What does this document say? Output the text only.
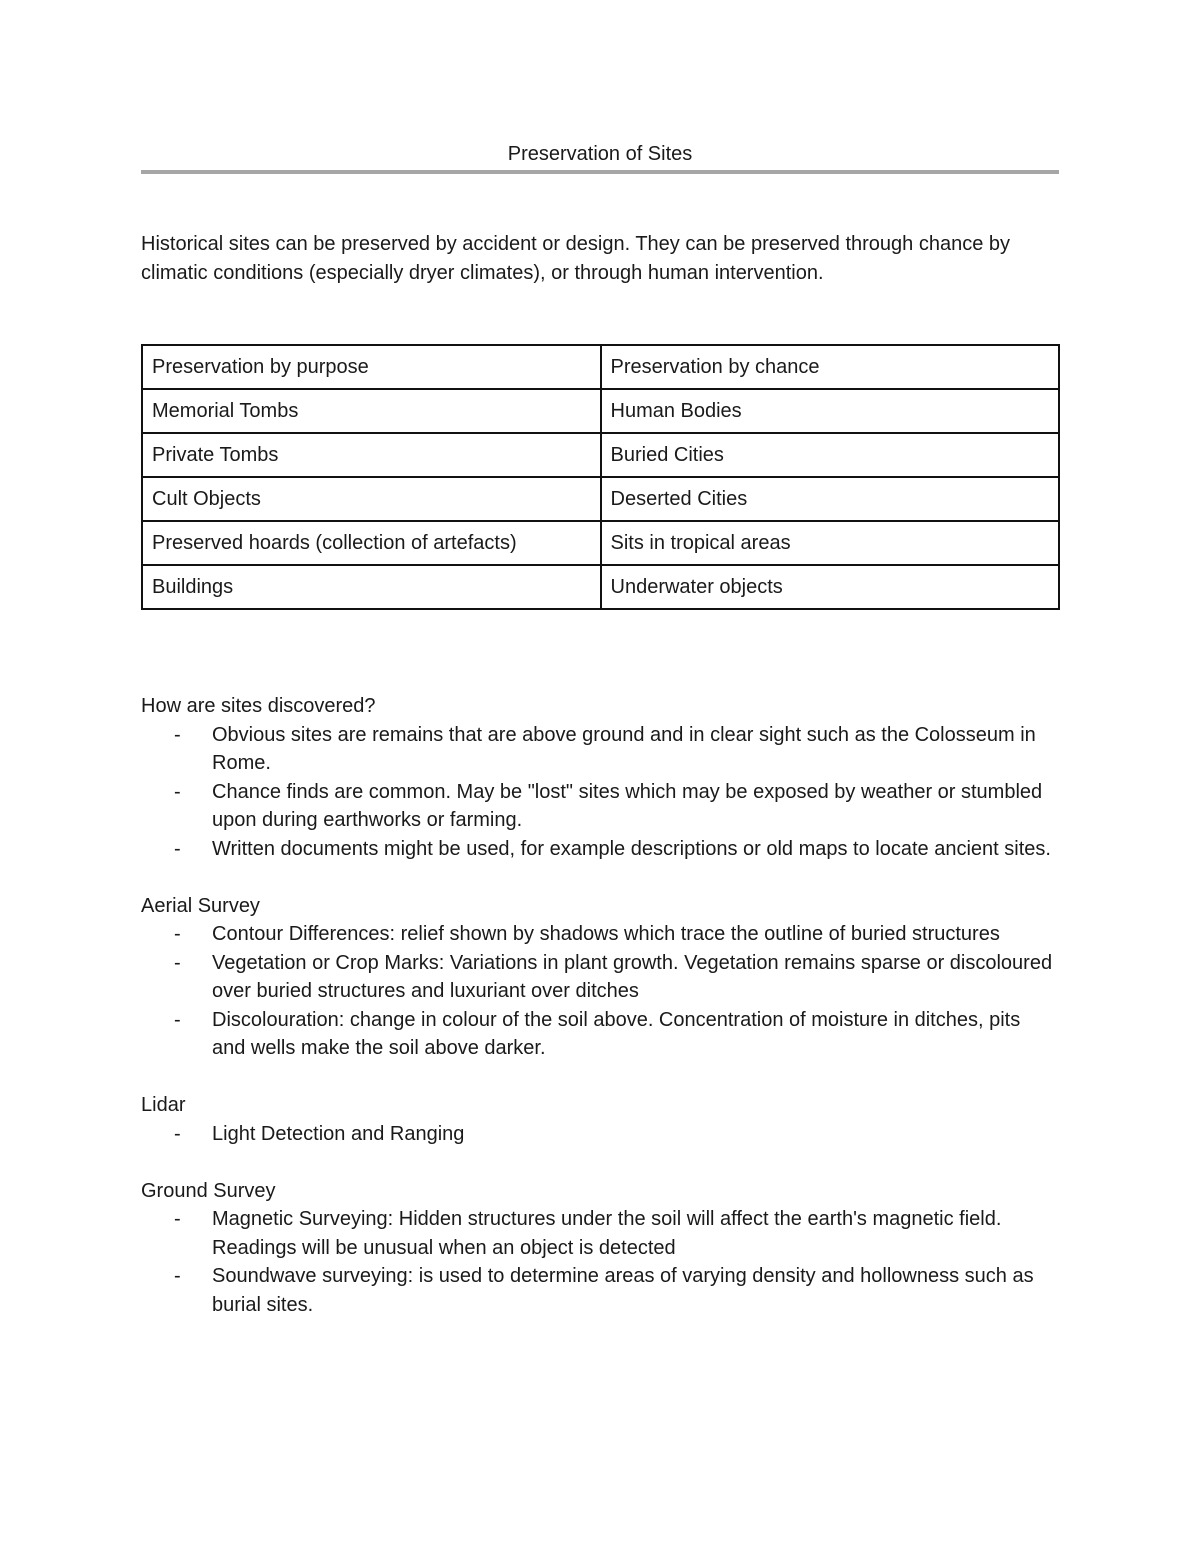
Preservation of Sites

Historical sites can be preserved by accident or design. They can be preserved through chance by climatic conditions (especially dryer climates), or through human intervention.

Preservation by purpose	Preservation by chance
Memorial Tombs	Human Bodies
Private Tombs	Buried Cities
Cult Objects	Deserted Cities
Preserved hoards (collection of artefacts)	Sits in tropical areas
Buildings	Underwater objects

How are sites discovered?

- Obvious sites are remains that are above ground and in clear sight such as the Colosseum in Rome.
- Chance finds are common. May be "lost" sites which may be exposed by weather or stumbled upon during earthworks or farming.
- Written documents might be used, for example descriptions or old maps to locate ancient sites.

Aerial Survey

- Contour Differences: relief shown by shadows which trace the outline of buried structures
- Vegetation or Crop Marks: Variations in plant growth. Vegetation remains sparse or discoloured over buried structures and luxuriant over ditches
- Discolouration: change in colour of the soil above. Concentration of moisture in ditches, pits and wells make the soil above darker.

Lidar

- Light Detection and Ranging

Ground Survey

- Magnetic Surveying: Hidden structures under the soil will affect the earth's magnetic field. Readings will be unusual when an object is detected
- Soundwave surveying: is used to determine areas of varying density and hollowness such as burial sites.
